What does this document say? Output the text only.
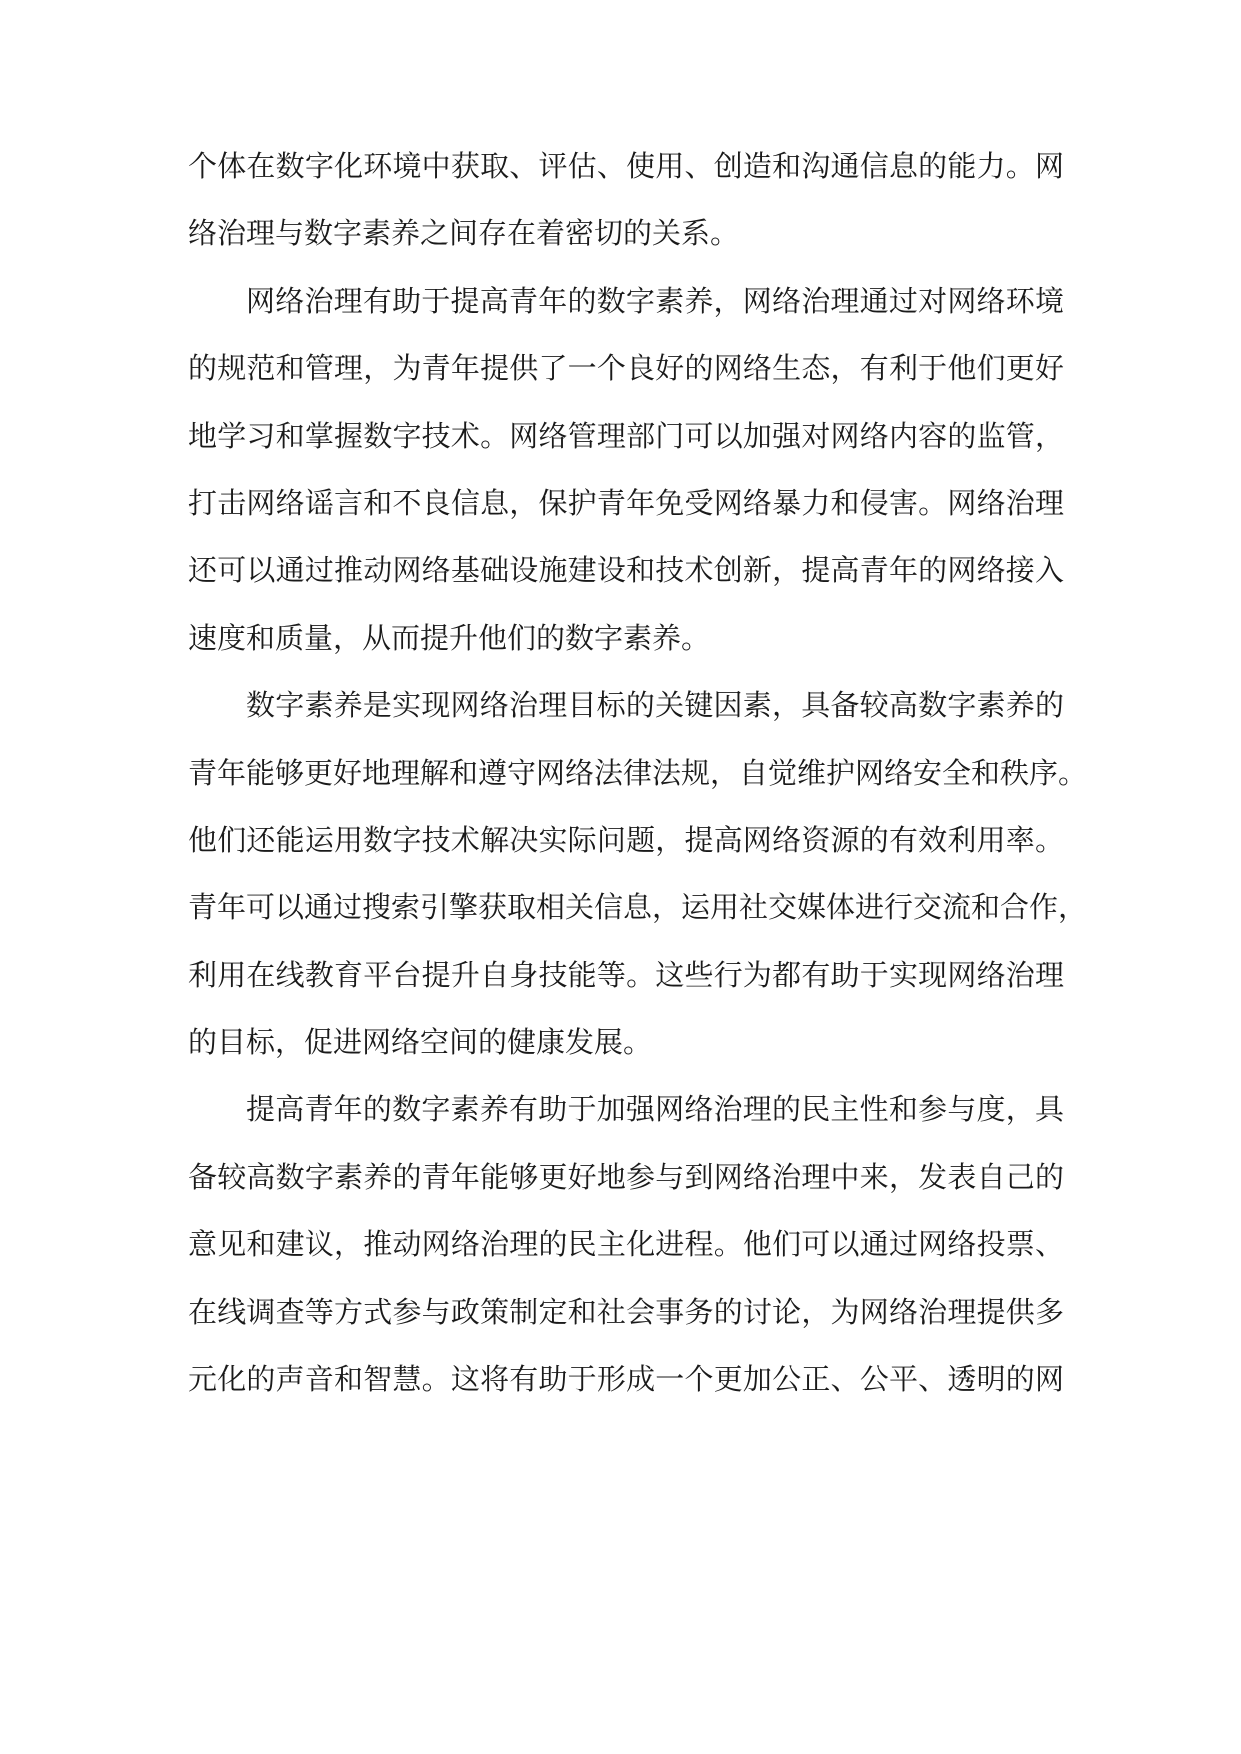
个体在数字化环境中获取、评估、使用、创造和沟通信息的能力。网
络治理与数字素养之间存在着密切的关系。
网络治理有助于提高青年的数字素养，网络治理通过对网络环境
的规范和管理，为青年提供了一个良好的网络生态，有利于他们更好
地学习和掌握数字技术。网络管理部门可以加强对网络内容的监管，
打击网络谣言和不良信息，保护青年免受网络暴力和侵害。网络治理
还可以通过推动网络基础设施建设和技术创新，提高青年的网络接入
速度和质量，从而提升他们的数字素养。
数字素养是实现网络治理目标的关键因素，具备较高数字素养的
青年能够更好地理解和遵守网络法律法规，自觉维护网络安全和秩序。
他们还能运用数字技术解决实际问题，提高网络资源的有效利用率。
青年可以通过搜索引擎获取相关信息，运用社交媒体进行交流和合作，
利用在线教育平台提升自身技能等。这些行为都有助于实现网络治理
的目标，促进网络空间的健康发展。
提高青年的数字素养有助于加强网络治理的民主性和参与度，具
备较高数字素养的青年能够更好地参与到网络治理中来，发表自己的
意见和建议，推动网络治理的民主化进程。他们可以通过网络投票、
在线调查等方式参与政策制定和社会事务的讨论，为网络治理提供多
元化的声音和智慧。这将有助于形成一个更加公正、公平、透明的网
